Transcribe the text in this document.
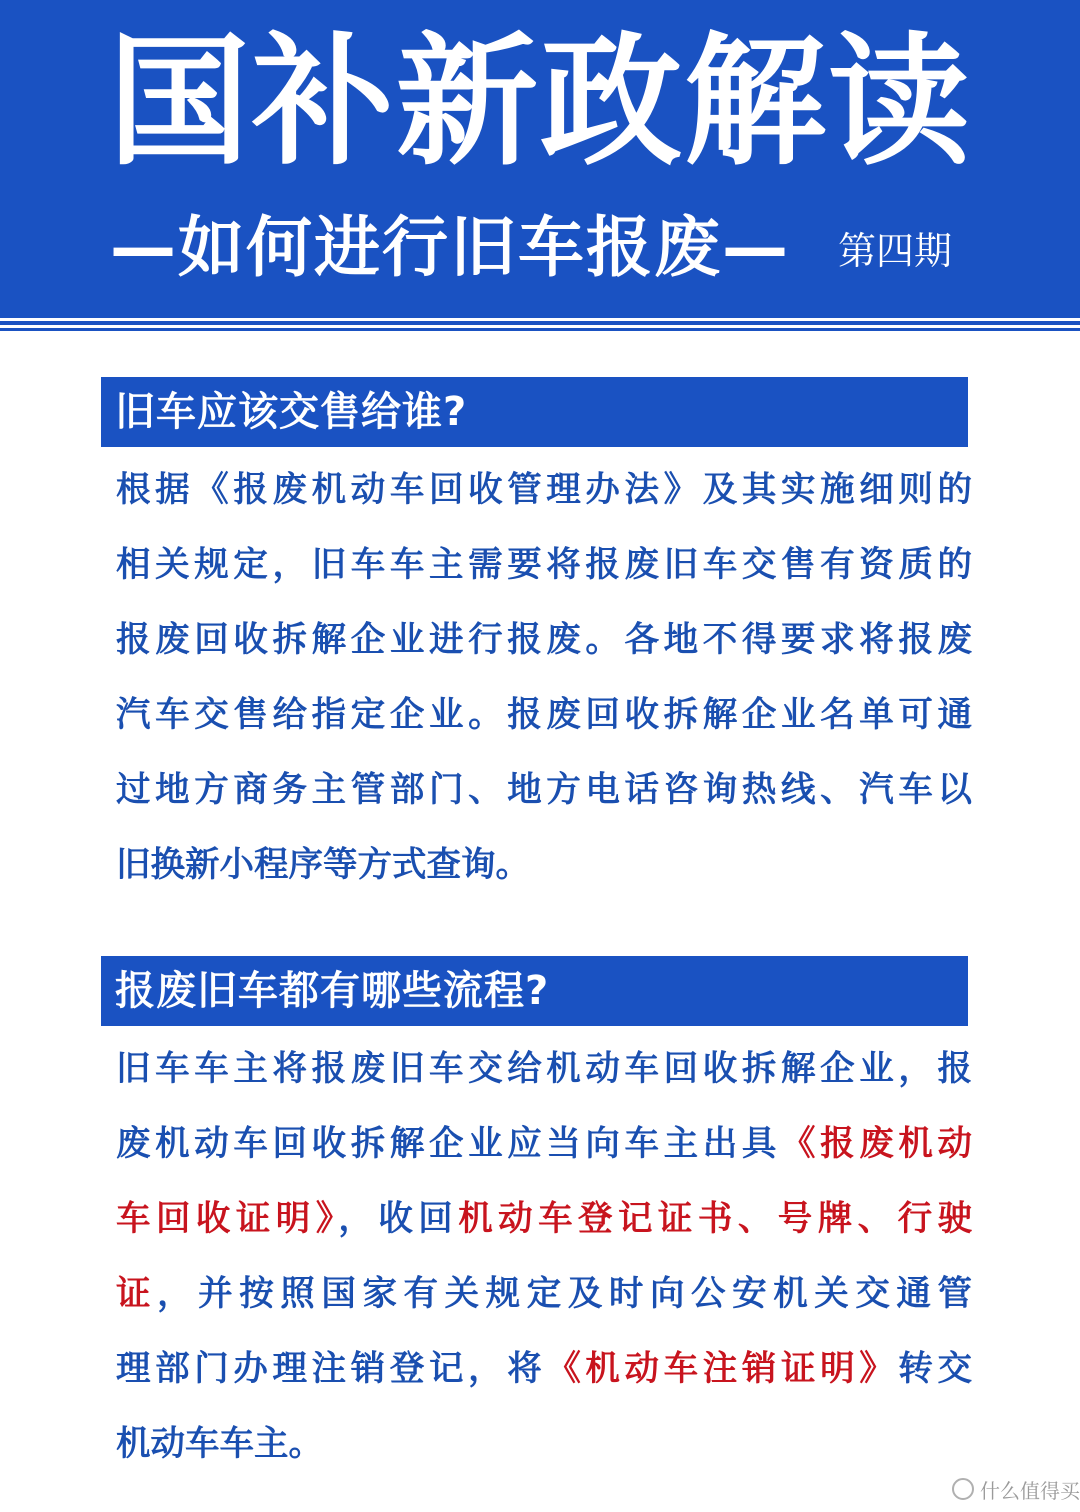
国补新政解读
—如何进行旧车报废— 第四期
旧车应该交售给谁?
根据《报废机动车回收管理办法》及其实施细则的
相关规定，旧车车主需要将报废旧车交售有资质的
报废回收拆解企业进行报废。各地不得要求将报废
汽车交售给指定企业。报废回收拆解企业名单可通
过地方商务主管部门、地方电话咨询热线、汽车以
旧换新小程序等方式查询。
报废旧车都有哪些流程?
旧车车主将报废旧车交给机动车回收拆解企业，报
废机动车回收拆解企业应当向车主出具《报废机动
车回收证明》，收回机动车登记证书、号牌、行驶
证，并按照国家有关规定及时向公安机关交通管
理部门办理注销登记，将《机动车注销证明》转交
机动车车主。
什么值得买
